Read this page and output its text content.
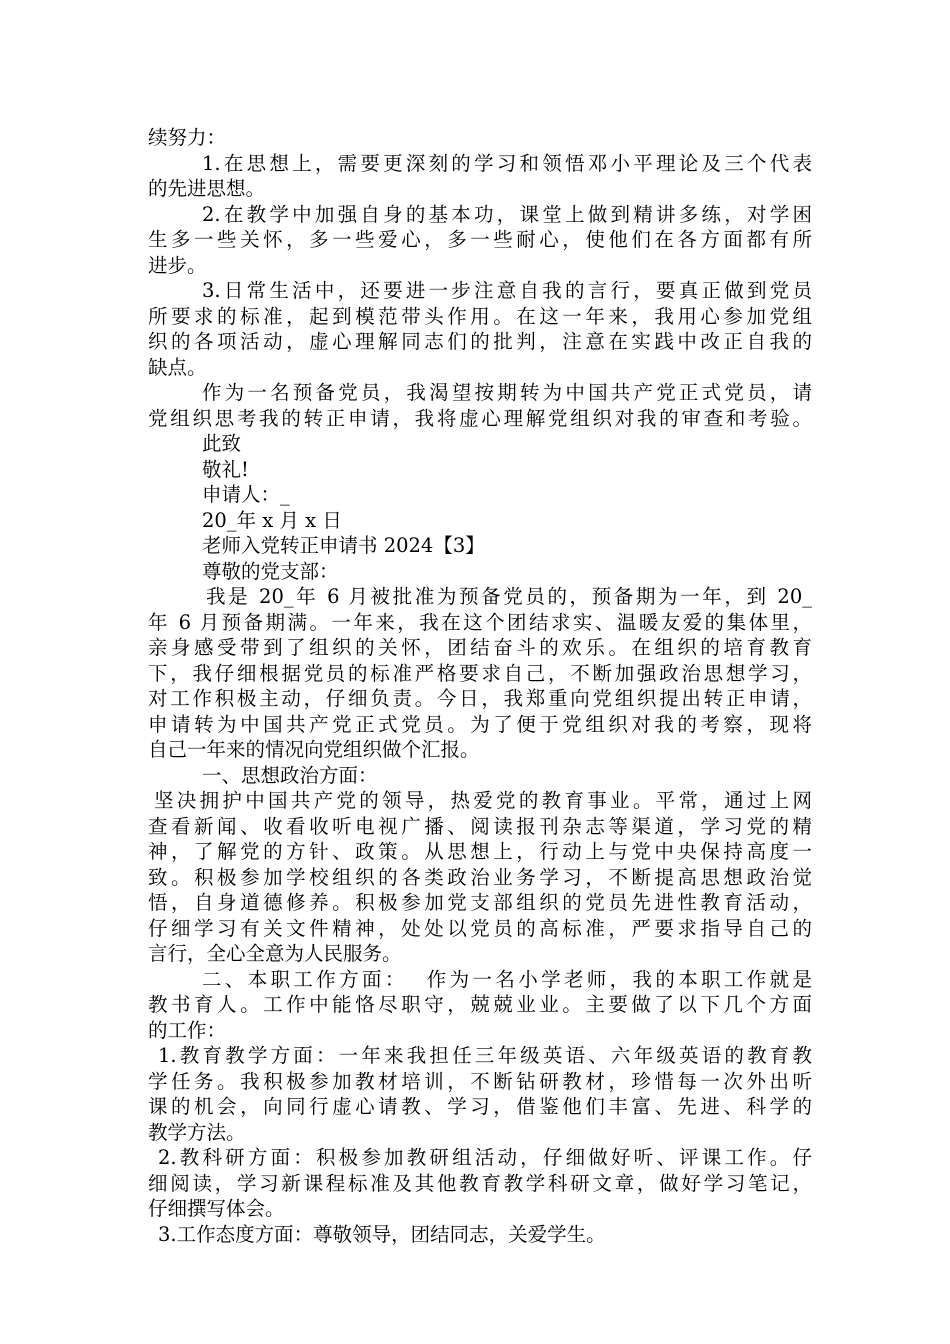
续努力：
1.在思想上，需要更深刻的学习和领悟邓小平理论及三个代表
的先进思想。
2.在教学中加强自身的基本功，课堂上做到精讲多练，对学困
生多一些关怀，多一些爱心，多一些耐心，使他们在各方面都有所
进步。
3.日常生活中，还要进一步注意自我的言行，要真正做到党员
所要求的标准，起到模范带头作用。在这一年来，我用心参加党组
织的各项活动，虚心理解同志们的批判，注意在实践中改正自我的
缺点。
作为一名预备党员，我渴望按期转为中国共产党正式党员，请
党组织思考我的转正申请，我将虚心理解党组织对我的审查和考验。
此致
敬礼!
申请人：_
20_年 x 月 x 日
老师入党转正申请书 2024【3】
尊敬的党支部：
我是 20_年 6 月被批准为预备党员的，预备期为一年，到 20_
年 6 月预备期满。一年来，我在这个团结求实、温暖友爱的集体里，
亲身感受带到了组织的关怀，团结奋斗的欢乐。在组织的培育教育
下，我仔细根据党员的标准严格要求自己，不断加强政治思想学习，
对工作积极主动，仔细负责。今日，我郑重向党组织提出转正申请，
申请转为中国共产党正式党员。为了便于党组织对我的考察，现将
自己一年来的情况向党组织做个汇报。
一、思想政治方面：
坚决拥护中国共产党的领导，热爱党的教育事业。平常，通过上网
查看新闻、收看收听电视广播、阅读报刊杂志等渠道，学习党的精
神，了解党的方针、政策。从思想上，行动上与党中央保持高度一
致。积极参加学校组织的各类政治业务学习，不断提高思想政治觉
悟，自身道德修养。积极参加党支部组织的党员先进性教育活动，
仔细学习有关文件精神，处处以党员的高标准，严要求指导自己的
言行，全心全意为人民服务。
二、本职工作方面：  作为一名小学老师，我的本职工作就是
教书育人。工作中能恪尽职守，兢兢业业。主要做了以下几个方面
的工作：
1.教育教学方面：一年来我担任三年级英语、六年级英语的教育教
学任务。我积极参加教材培训，不断钻研教材，珍惜每一次外出听
课的机会，向同行虚心请教、学习，借鉴他们丰富、先进、科学的
教学方法。
2.教科研方面：积极参加教研组活动，仔细做好听、评课工作。仔
细阅读，学习新课程标准及其他教育教学科研文章，做好学习笔记，
仔细撰写体会。
3.工作态度方面：尊敬领导，团结同志，关爱学生。
